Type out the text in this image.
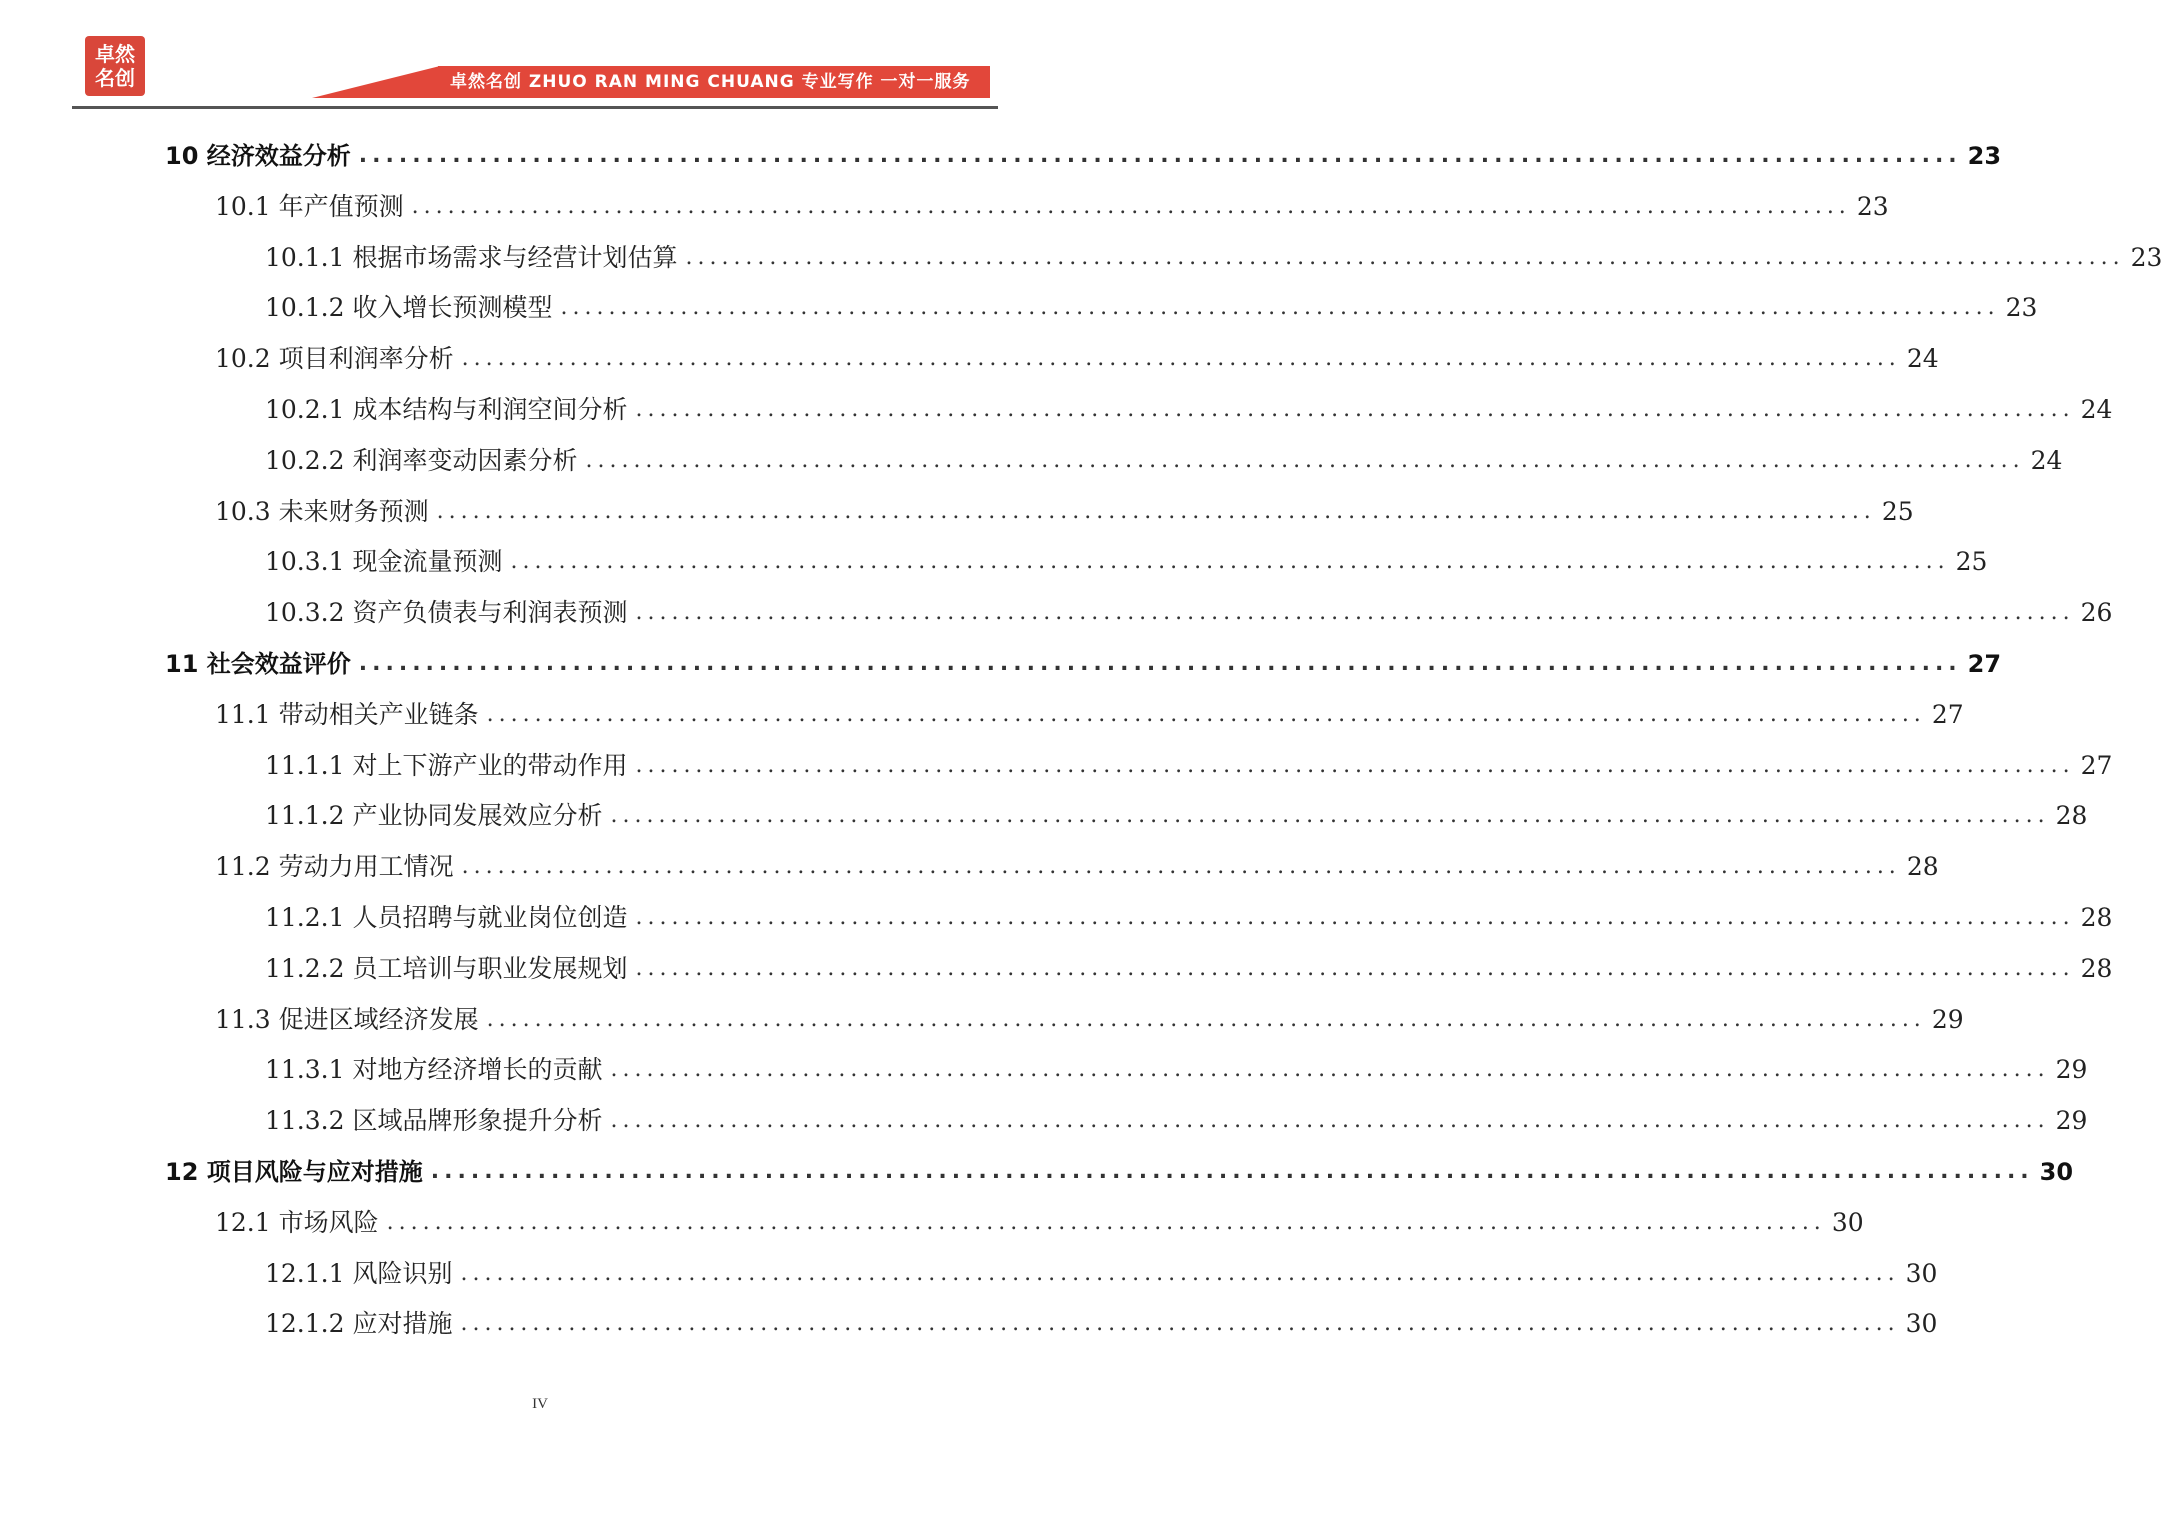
卓然
名创	卓然名创 ZHUO RAN MING CHUANG 专业写作 一对一服务
10 经济效益分析 ........................................................................................................................ 23
10.1 年产值预测 ........................................................................................................................ 23
10.1.1 根据市场需求与经营计划估算 ........................................................................................................................ 23
10.1.2 收入增长预测模型 ........................................................................................................................ 23
10.2 项目利润率分析 ........................................................................................................................ 24
10.2.1 成本结构与利润空间分析 ........................................................................................................................ 24
10.2.2 利润率变动因素分析 ........................................................................................................................ 24
10.3 未来财务预测 ........................................................................................................................ 25
10.3.1 现金流量预测 ........................................................................................................................ 25
10.3.2 资产负债表与利润表预测 ........................................................................................................................ 26
11 社会效益评价 ........................................................................................................................ 27
11.1 带动相关产业链条 ........................................................................................................................ 27
11.1.1 对上下游产业的带动作用 ........................................................................................................................ 27
11.1.2 产业协同发展效应分析 ........................................................................................................................ 28
11.2 劳动力用工情况 ........................................................................................................................ 28
11.2.1 人员招聘与就业岗位创造 ........................................................................................................................ 28
11.2.2 员工培训与职业发展规划 ........................................................................................................................ 28
11.3 促进区域经济发展 ........................................................................................................................ 29
11.3.1 对地方经济增长的贡献 ........................................................................................................................ 29
11.3.2 区域品牌形象提升分析 ........................................................................................................................ 29
12 项目风险与应对措施 ........................................................................................................................ 30
12.1 市场风险 ........................................................................................................................ 30
12.1.1 风险识别 ........................................................................................................................ 30
12.1.2 应对措施 ........................................................................................................................ 30
IV
